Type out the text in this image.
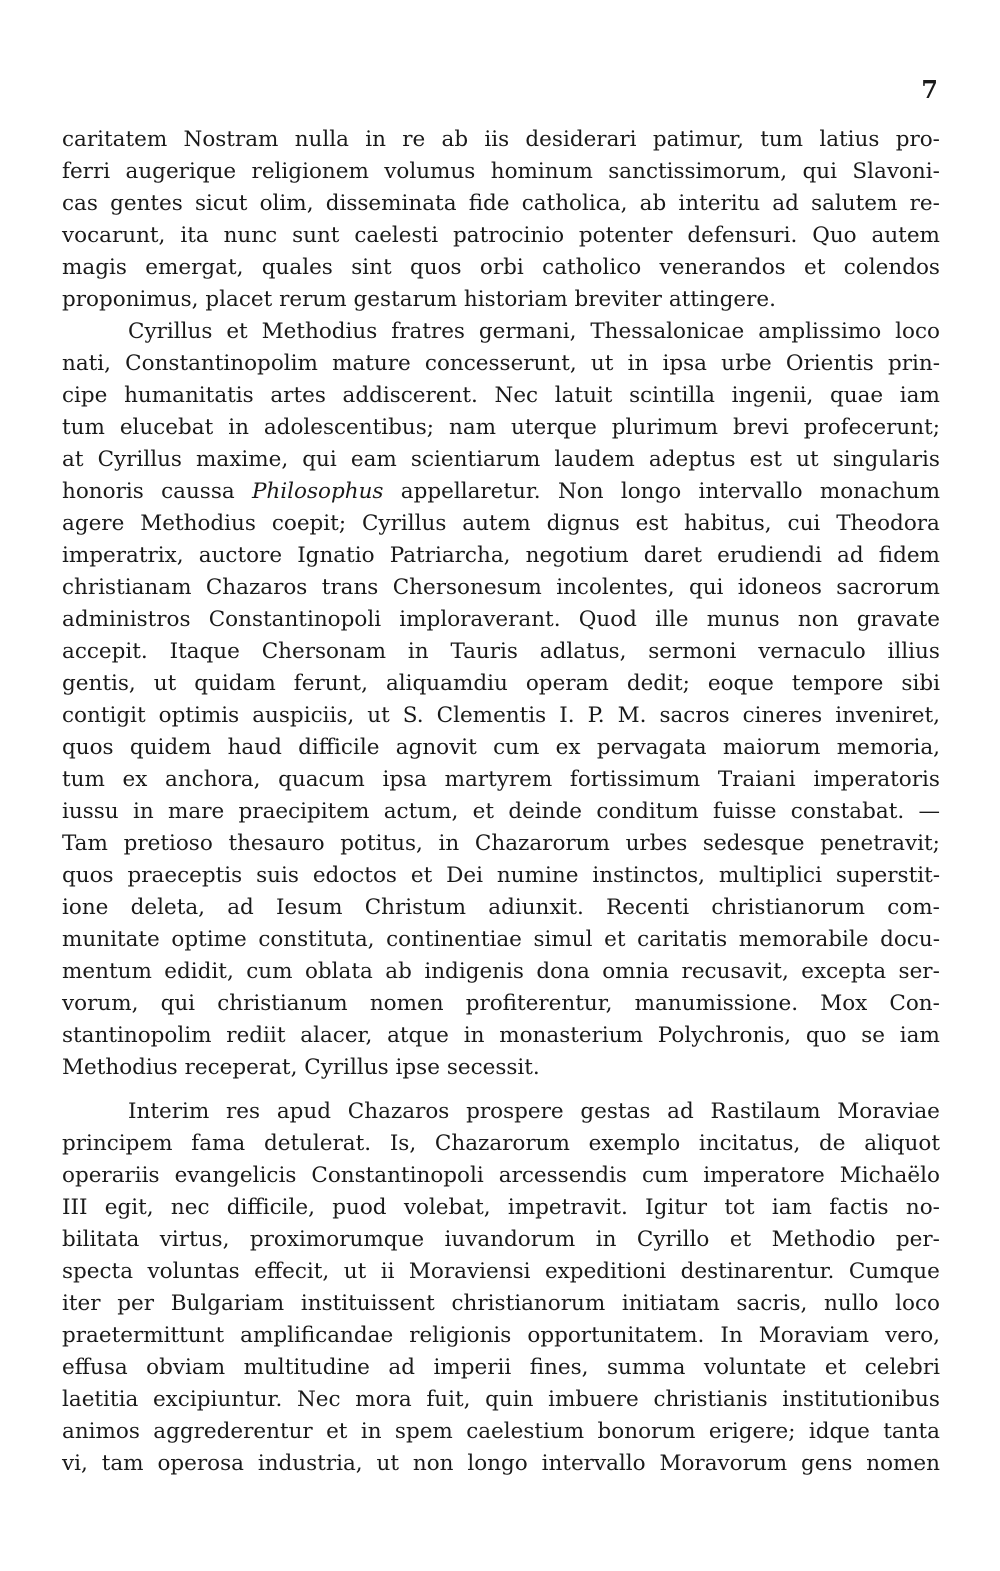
7
caritatem Nostram nulla in re ab iis desiderari patimur, tum latius pro-
ferri augerique religionem volumus hominum sanctissimorum, qui Slavoni-
cas gentes sicut olim, disseminata fide catholica, ab interitu ad salutem re-
vocarunt, ita nunc sunt caelesti patrocinio potenter defensuri. Quo autem
magis emergat, quales sint quos orbi catholico venerandos et colendos
proponimus, placet rerum gestarum historiam breviter attingere.
Cyrillus et Methodius fratres germani, Thessalonicae amplissimo loco
nati, Constantinopolim mature concesserunt, ut in ipsa urbe Orientis prin-
cipe humanitatis artes addiscerent. Nec latuit scintilla ingenii, quae iam
tum elucebat in adolescentibus; nam uterque plurimum brevi profecerunt;
at Cyrillus maxime, qui eam scientiarum laudem adeptus est ut singularis
honoris caussa Philosophus appellaretur. Non longo intervallo monachum
agere Methodius coepit; Cyrillus autem dignus est habitus, cui Theodora
imperatrix, auctore Ignatio Patriarcha, negotium daret erudiendi ad fidem
christianam Chazaros trans Chersonesum incolentes, qui idoneos sacrorum
administros Constantinopoli imploraverant. Quod ille munus non gravate
accepit. Itaque Chersonam in Tauris adlatus, sermoni vernaculo illius
gentis, ut quidam ferunt, aliquamdiu operam dedit; eoque tempore sibi
contigit optimis auspiciis, ut S. Clementis I. P. M. sacros cineres inveniret,
quos quidem haud difficile agnovit cum ex pervagata maiorum memoria,
tum ex anchora, quacum ipsa martyrem fortissimum Traiani imperatoris
iussu in mare praecipitem actum, et deinde conditum fuisse constabat. —
Tam pretioso thesauro potitus, in Chazarorum urbes sedesque penetravit;
quos praeceptis suis edoctos et Dei numine instinctos, multiplici superstit-
ione deleta, ad Iesum Christum adiunxit. Recenti christianorum com-
munitate optime constituta, continentiae simul et caritatis memorabile docu-
mentum edidit, cum oblata ab indigenis dona omnia recusavit, excepta ser-
vorum, qui christianum nomen profiterentur, manumissione. Mox Con-
stantinopolim rediit alacer, atque in monasterium Polychronis, quo se iam
Methodius receperat, Cyrillus ipse secessit.
Interim res apud Chazaros prospere gestas ad Rastilaum Moraviae
principem fama detulerat. Is, Chazarorum exemplo incitatus, de aliquot
operariis evangelicis Constantinopoli arcessendis cum imperatore Michaëlo
III egit, nec difficile, puod volebat, impetravit. Igitur tot iam factis no-
bilitata virtus, proximorumque iuvandorum in Cyrillo et Methodio per-
specta voluntas effecit, ut ii Moraviensi expeditioni destinarentur. Cumque
iter per Bulgariam instituissent christianorum initiatam sacris, nullo loco
praetermittunt amplificandae religionis opportunitatem. In Moraviam vero,
effusa obviam multitudine ad imperii fines, summa voluntate et celebri
laetitia excipiuntur. Nec mora fuit, quin imbuere christianis institutionibus
animos aggrederentur et in spem caelestium bonorum erigere; idque tanta
vi, tam operosa industria, ut non longo intervallo Moravorum gens nomen
